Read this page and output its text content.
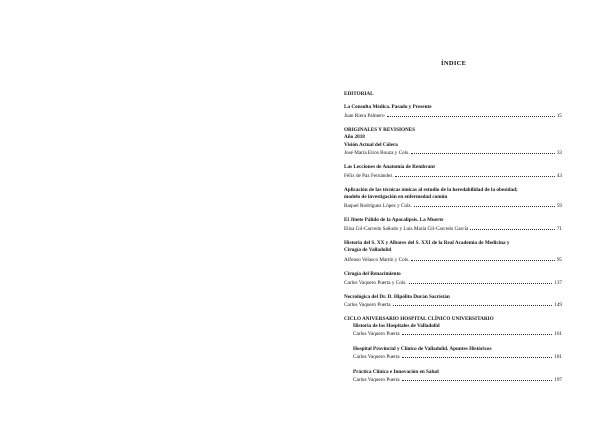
ÍNDICE
EDITORIAL
La Consulta Médica. Pasado y Presente
Juan Riera Palmero	15
ORIGINALES Y REVISIONES
Año 2018
Visión Actual del Cólera
José María Eiros Bouza y Cols.	33
Las Lecciones de Anatomía de Rembrant
Félix de Paz Fernández	43
Aplicación de las técnicas ómicas al estudio de la heredabilidad de la obesidad;
modelo de investigación en enfermedad común
Raquel Rodríguez López y Cols.	59
El Jinete Pálido de la Apocalipsis. La Muerte
Elisa Gil-Carcedo Sañudo y Luis María Gil-Carcedo García	71
Historia del S. XX y Albores del S. XXI de la Real Academia de Medicina y
Cirugía de Valladolid
Alfonso Velasco Martín y Cols.	95
Cirugía del Renacimiento
Carlos Vaquero Puerta y Cols.	137
Necrológica del Dr. D. Hipólito Durán Sacristán
Carlos Vaquero Puerta	149
CICLO ANIVERSARIO HOSPITAL CLÍNICO UNIVERSITARIO
Historia de los Hospitales de Valladolid
Carlos Vaquero Puerta	161
Hospital Provincial y Clínico de Valladolid. Apuntes Históricos
Carlos Vaquero Puerta	181
Práctica Clínica e Innovación en Salud
Carlos Vaquero Puerta	197
